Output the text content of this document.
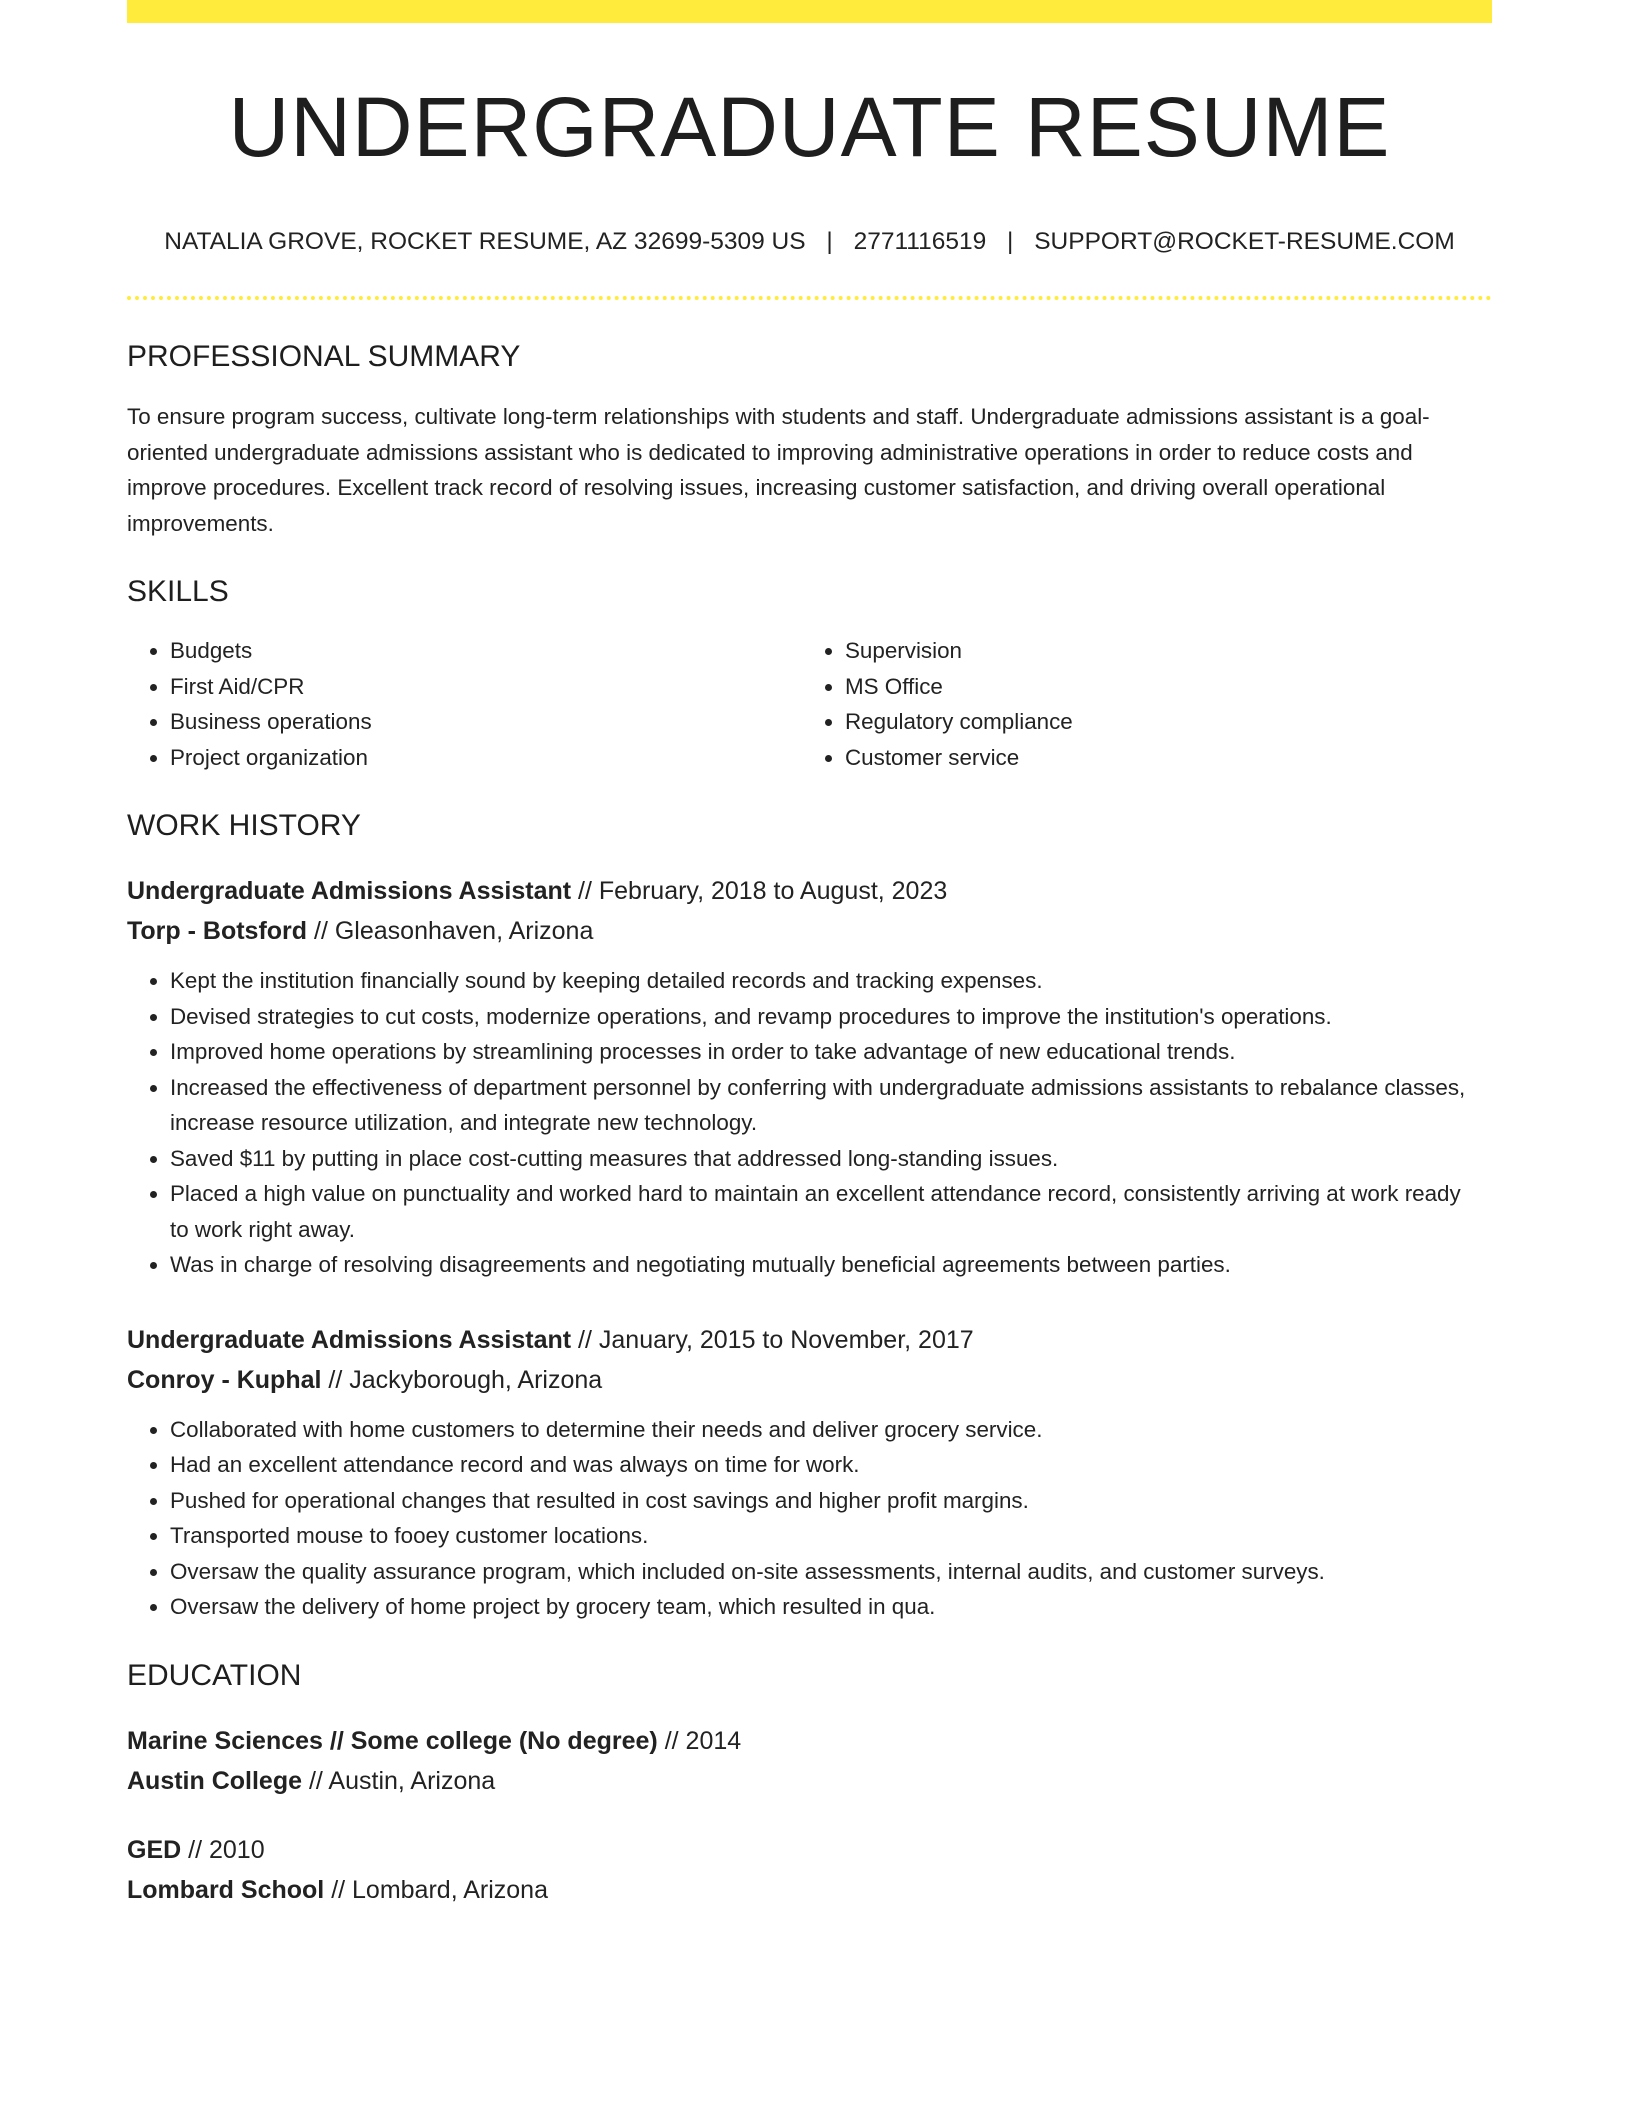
UNDERGRADUATE RESUME
NATALIA GROVE, ROCKET RESUME, AZ 32699-5309 US | 2771116519 | SUPPORT@ROCKET-RESUME.COM
PROFESSIONAL SUMMARY

To ensure program success, cultivate long-term relationships with students and staff. Undergraduate admissions assistant is a goal-oriented undergraduate admissions assistant who is dedicated to improving administrative operations in order to reduce costs and improve procedures. Excellent track record of resolving issues, increasing customer satisfaction, and driving overall operational improvements.

SKILLS
• Budgets
• First Aid/CPR
• Business operations
• Project organization
• Supervision
• MS Office
• Regulatory compliance
• Customer service
WORK HISTORY
Undergraduate Admissions Assistant // February, 2018 to August, 2023
Torp - Botsford // Gleasonhaven, Arizona
• Kept the institution financially sound by keeping detailed records and tracking expenses.
• Devised strategies to cut costs, modernize operations, and revamp procedures to improve the institution's operations.
• Improved home operations by streamlining processes in order to take advantage of new educational trends.
• Increased the effectiveness of department personnel by conferring with undergraduate admissions assistants to rebalance classes, increase resource utilization, and integrate new technology.
• Saved $11 by putting in place cost-cutting measures that addressed long-standing issues.
• Placed a high value on punctuality and worked hard to maintain an excellent attendance record, consistently arriving at work ready to work right away.
• Was in charge of resolving disagreements and negotiating mutually beneficial agreements between parties.
Undergraduate Admissions Assistant // January, 2015 to November, 2017
Conroy - Kuphal // Jackyborough, Arizona
• Collaborated with home customers to determine their needs and deliver grocery service.
• Had an excellent attendance record and was always on time for work.
• Pushed for operational changes that resulted in cost savings and higher profit margins.
• Transported mouse to fooey customer locations.
• Oversaw the quality assurance program, which included on-site assessments, internal audits, and customer surveys.
• Oversaw the delivery of home project by grocery team, which resulted in qua.
EDUCATION
Marine Sciences // Some college (No degree) // 2014
Austin College // Austin, Arizona
GED // 2010
Lombard School // Lombard, Arizona
